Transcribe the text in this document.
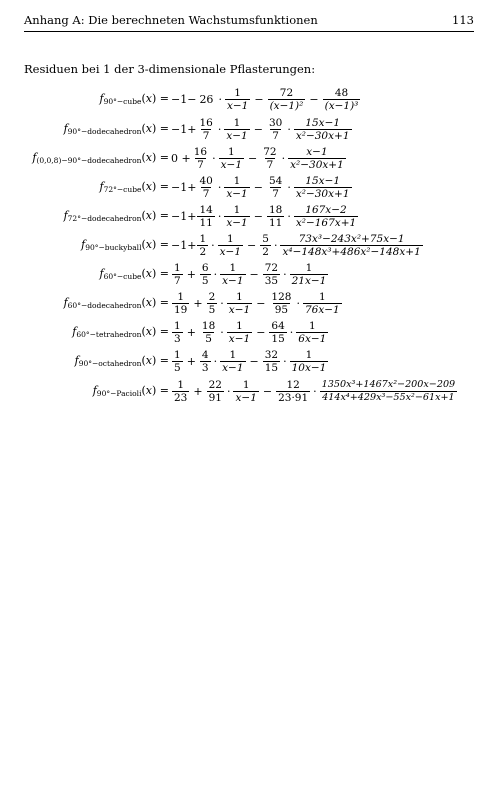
Anhang A: Die berechneten Wachstumsfunktionen	113
Residuen bei 1 der 3-dimensionale Pflasterungen:
$f_{90^\circ-cube}(x) = -1- 26 \cdot \frac{1}{x-1} - \frac{72}{\text{(x−1)²}} - \frac{48}{\text{(x−1)³}}$
$f_{90^\circ-dodecahedron}(x) = -1+ \frac{16}{7} \cdot \frac{1}{x-1} - \frac{30}{7} \cdot \frac{15x-1}{\text{x²−30x+1}}$
$f_{(0,0,8)-90^\circ-dodecahedron}(x) = 0 + \frac{16}{7} \cdot \frac{1}{x-1} - \frac{72}{7} \cdot \frac{x-1}{\text{x²−30x+1}}$
$f_{72^\circ-cube}(x) = -1+ \frac{40}{7} \cdot \frac{1}{x-1} - \frac{54}{7} \cdot \frac{15x-1}{\text{x²−30x+1}}$
$f_{72^\circ-dodecahedron}(x) = -1+ \frac{14}{11} \cdot \frac{1}{x-1} - \frac{18}{11} \cdot \frac{167x-2}{\text{x²−167x+1}}$
$f_{90^\circ-buckyball}(x) = -1+ \frac{1}{2} \cdot \frac{1}{x-1} - \frac{5}{2} \cdot \frac{\text{73x³−243x²+75x−1}}{\text{x⁴−148x³+486x²−148x+1}}$
$f_{60^\circ-cube}(x) = \frac{1}{7} + \frac{6}{5} \cdot \frac{1}{x-1} - \frac{72}{35} \cdot \frac{1}{21x-1}$
$f_{60^\circ-dodecahedron}(x) = \frac{1}{19} + \frac{2}{5} \cdot \frac{1}{x-1} - \frac{128}{95} \cdot \frac{1}{76x-1}$
$f_{60^\circ-tetrahedron}(x) = \frac{1}{3} + \frac{18}{5} \cdot \frac{1}{x-1} - \frac{64}{15} \cdot \frac{1}{6x-1}$
$f_{90^\circ-octahedron}(x) = \frac{1}{5} + \frac{4}{3} \cdot \frac{1}{x-1} - \frac{32}{15} \cdot \frac{1}{10x-1}$
$f_{90^\circ-Pacioli}(x) = \frac{1}{23} + \frac{22}{91} \cdot \frac{1}{x-1} - \frac{12}{23\cdot 91} \cdot \frac{\text{1350x³+1467x²−200x−209}}{\text{414x⁴+429x³−55x²−61x+1}}$
